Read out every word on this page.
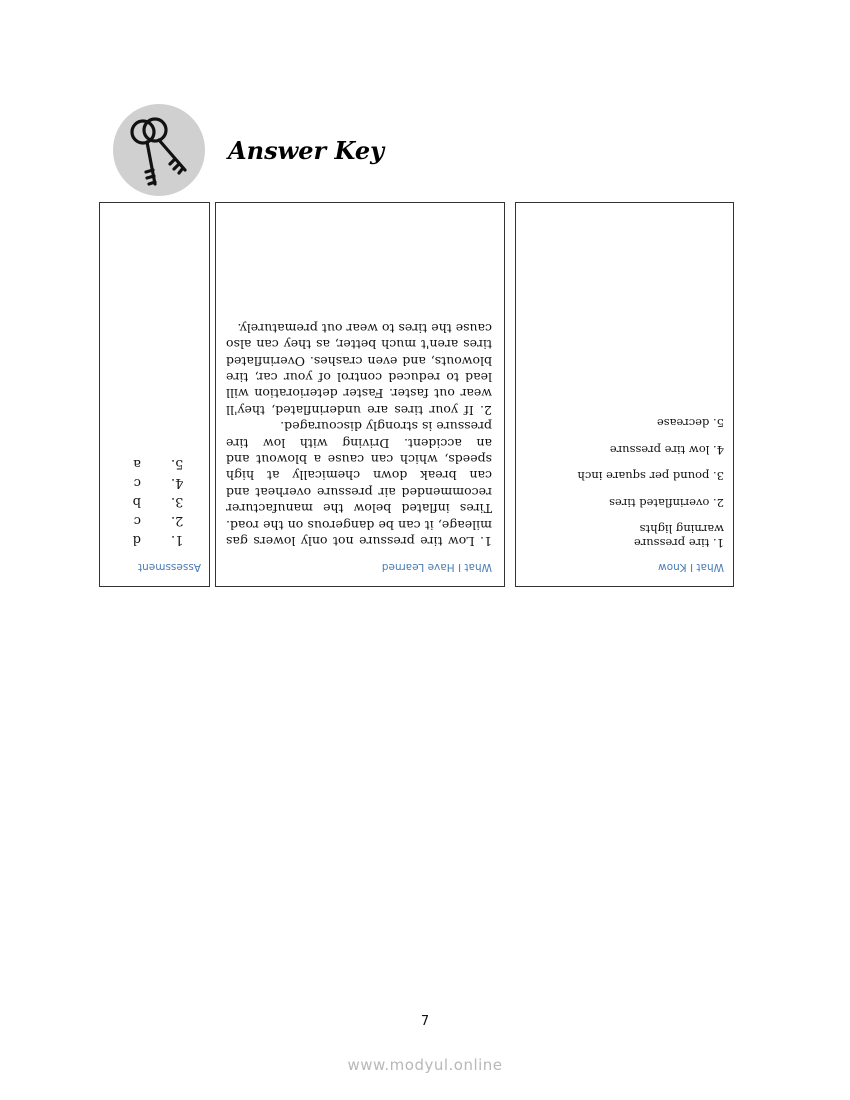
Answer Key
Assessment
1.
d
2.
c
3.
b
4.
c
5.
a
What I Have Learned

1. Low tire pressure not only lowers gas mileage, it can be dangerous on the road. Tires inflated below the manufacturer recommended air pressure overheat and can break down chemically at high speeds, which can cause a blowout and an accident. Driving with low tire pressure is strongly discouraged.

2. If your tires are underinflated, they'll wear out faster. Faster deterioration will lead to reduced control of your car, tire blowouts, and even crashes. Overinflated tires aren't much better, as they can also cause the tires to wear out prematurely.

What I Know
1. tire pressure warning lights
2. overinflated tires
3. pound per square inch
4. low tire pressure
5. decrease
7
www.modyul.online
